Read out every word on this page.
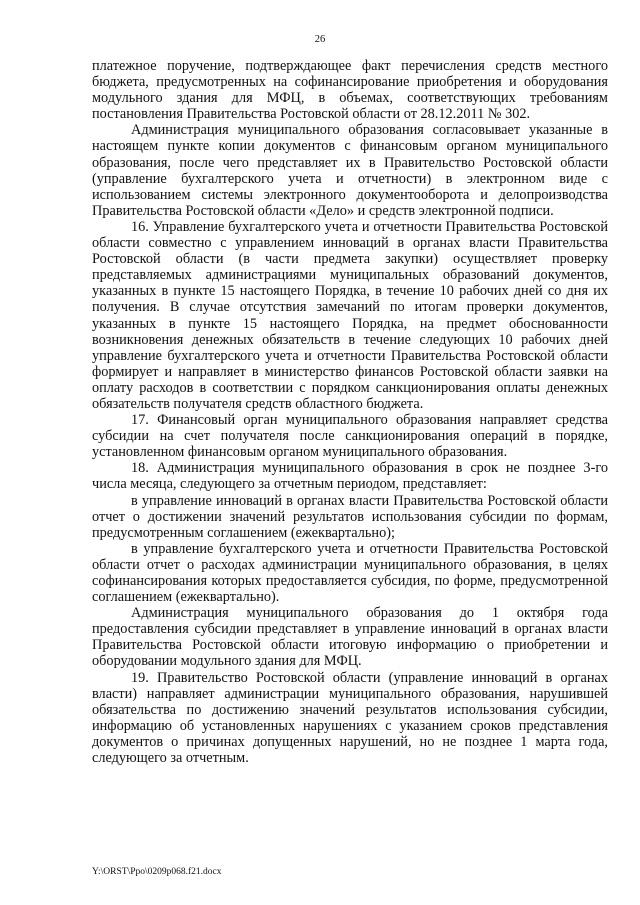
26

платежное поручение, подтверждающее факт перечисления средств местного бюджета, предусмотренных на софинансирование приобретения и оборудования модульного здания для МФЦ, в объемах, соответствующих требованиям постановления Правительства Ростовской области от 28.12.2011 № 302.

Администрация муниципального образования согласовывает указанные в настоящем пункте копии документов с финансовым органом муниципального образования, после чего представляет их в Правительство Ростовской области (управление бухгалтерского учета и отчетности) в электронном виде с использованием системы электронного документооборота и делопроизводства Правительства Ростовской области «Дело» и средств электронной подписи.

16. Управление бухгалтерского учета и отчетности Правительства Ростовской области совместно с управлением инноваций в органах власти Правительства Ростовской области (в части предмета закупки) осуществляет проверку представляемых администрациями муниципальных образований документов, указанных в пункте 15 настоящего Порядка, в течение 10 рабочих дней со дня их получения. В случае отсутствия замечаний по итогам проверки документов, указанных в пункте 15 настоящего Порядка, на предмет обоснованности возникновения денежных обязательств в течение следующих 10 рабочих дней управление бухгалтерского учета и отчетности Правительства Ростовской области формирует и направляет в министерство финансов Ростовской области заявки на оплату расходов в соответствии с порядком санкционирования оплаты денежных обязательств получателя средств областного бюджета.

17. Финансовый орган муниципального образования направляет средства субсидии на счет получателя после санкционирования операций в порядке, установленном финансовым органом муниципального образования.

18. Администрация муниципального образования в срок не позднее 3-го числа месяца, следующего за отчетным периодом, представляет:

в управление инноваций в органах власти Правительства Ростовской области отчет о достижении значений результатов использования субсидии по формам, предусмотренным соглашением (ежеквартально);

в управление бухгалтерского учета и отчетности Правительства Ростовской области отчет о расходах администрации муниципального образования, в целях софинансирования которых предоставляется субсидия, по форме, предусмотренной соглашением (ежеквартально).

Администрация муниципального образования до 1 октября года предоставления субсидии представляет в управление инноваций в органах власти Правительства Ростовской области итоговую информацию о приобретении и оборудовании модульного здания для МФЦ.

19. Правительство Ростовской области (управление инноваций в органах власти) направляет администрации муниципального образования, нарушившей обязательства по достижению значений результатов использования субсидии, информацию об установленных нарушениях с указанием сроков представления документов о причинах допущенных нарушений, но не позднее 1 марта года, следующего за отчетным.

Y:\ORST\Ppo\0209p068.f21.docx
